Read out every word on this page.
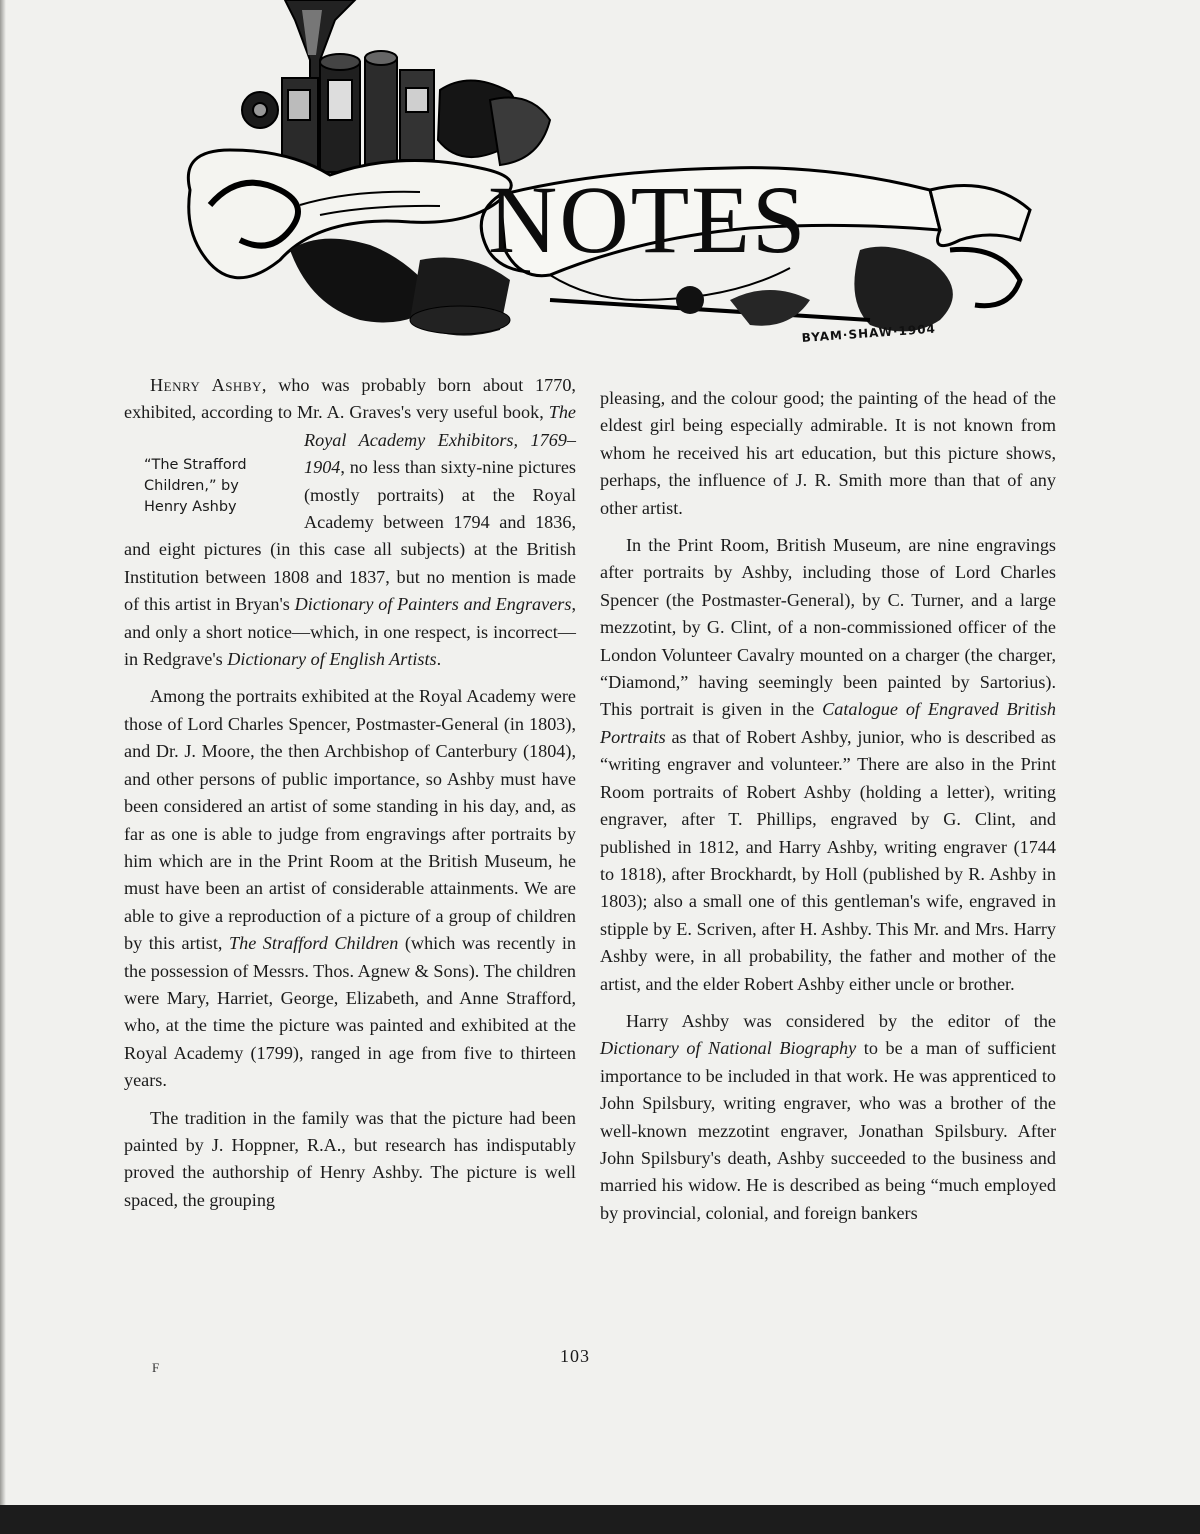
NOTES
BYAM·SHAW·1904

Henry Ashby, who was probably born about 1770, exhibited, according to Mr. A. Graves's very useful book,
“The Strafford
Children,” by
Henry Ashby
The Royal Academy Exhibitors, 1769–1904, no less than sixty-nine pictures (mostly portraits) at the Royal Academy between 1794 and 1836, and eight pictures (in this case all subjects) at the British Institution between 1808 and 1837, but no mention is made of this artist in Bryan's Dictionary of Painters and Engravers, and only a short notice—which, in one respect, is incorrect—in Redgrave's Dictionary of English Artists.

Among the portraits exhibited at the Royal Academy were those of Lord Charles Spencer, Postmaster-General (in 1803), and Dr. J. Moore, the then Archbishop of Canterbury (1804), and other persons of public importance, so Ashby must have been considered an artist of some standing in his day, and, as far as one is able to judge from engravings after portraits by him which are in the Print Room at the British Museum, he must have been an artist of considerable attainments. We are able to give a reproduction of a picture of a group of children by this artist, The Strafford Children (which was recently in the possession of Messrs. Thos. Agnew & Sons). The children were Mary, Harriet, George, Elizabeth, and Anne Strafford, who, at the time the picture was painted and exhibited at the Royal Academy (1799), ranged in age from five to thirteen years.

The tradition in the family was that the picture had been painted by J. Hoppner, R.A., but research has indisputably proved the authorship of Henry Ashby. The picture is well spaced, the grouping

pleasing, and the colour good; the painting of the head of the eldest girl being especially admirable. It is not known from whom he received his art education, but this picture shows, perhaps, the influence of J. R. Smith more than that of any other artist.

In the Print Room, British Museum, are nine engravings after portraits by Ashby, including those of Lord Charles Spencer (the Postmaster-General), by C. Turner, and a large mezzotint, by G. Clint, of a non-commissioned officer of the London Volunteer Cavalry mounted on a charger (the charger, “Diamond,” having seemingly been painted by Sartorius). This portrait is given in the Catalogue of Engraved British Portraits as that of Robert Ashby, junior, who is described as “writing engraver and volunteer.” There are also in the Print Room portraits of Robert Ashby (holding a letter), writing engraver, after T. Phillips, engraved by G. Clint, and published in 1812, and Harry Ashby, writing engraver (1744 to 1818), after Brockhardt, by Holl (published by R. Ashby in 1803); also a small one of this gentleman's wife, engraved in stipple by E. Scriven, after H. Ashby. This Mr. and Mrs. Harry Ashby were, in all probability, the father and mother of the artist, and the elder Robert Ashby either uncle or brother.

Harry Ashby was considered by the editor of the Dictionary of National Biography to be a man of sufficient importance to be included in that work. He was apprenticed to John Spilsbury, writing engraver, who was a brother of the well-known mezzotint engraver, Jonathan Spilsbury. After John Spilsbury's death, Ashby succeeded to the business and married his widow. He is described as being “much employed by provincial, colonial, and foreign bankers

F
103
